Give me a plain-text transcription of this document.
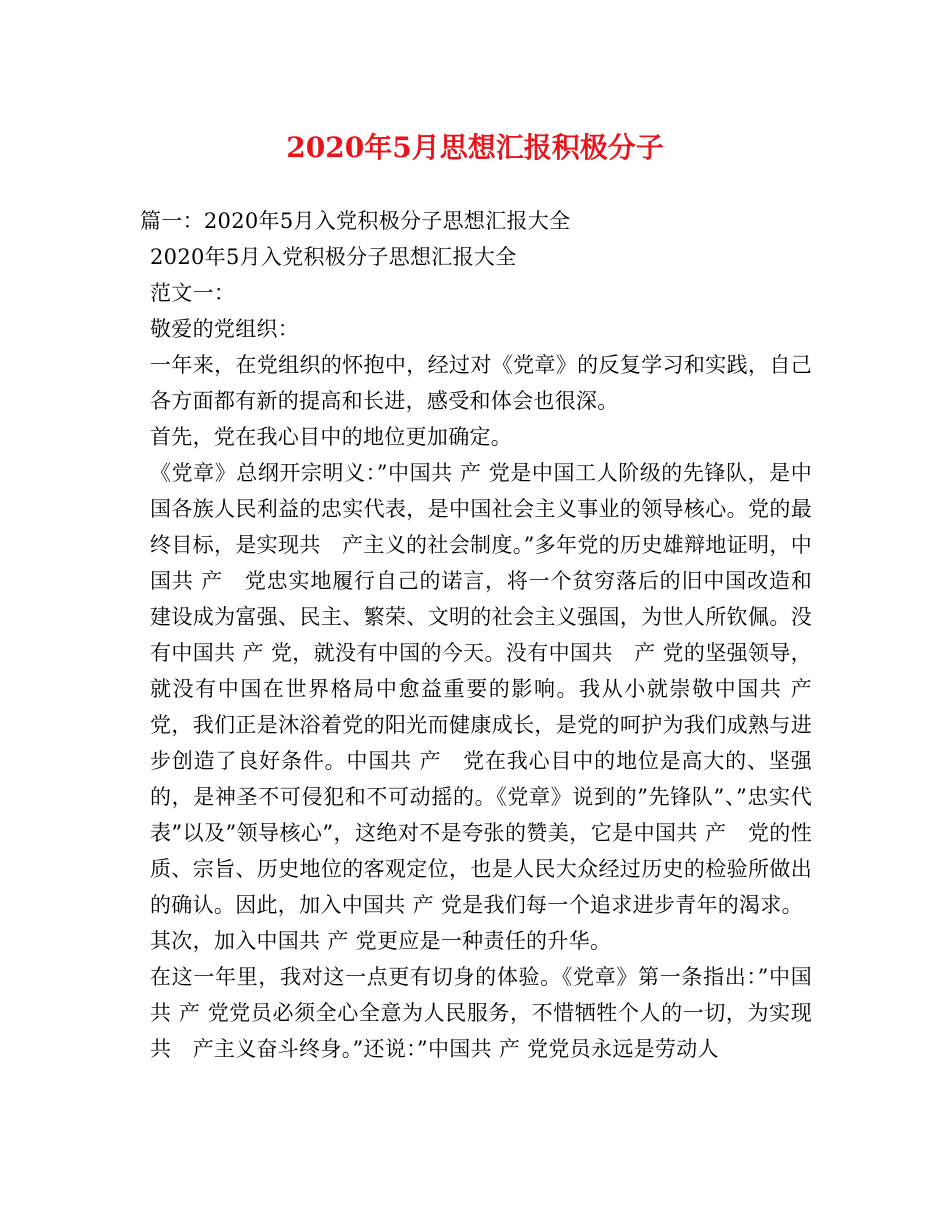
2020年5月思想汇报积极分子

篇一：2020年5月入党积极分子思想汇报大全

2020年5月入党积极分子思想汇报大全

范文一：

敬爱的党组织：

一年来，在党组织的怀抱中，经过对《党章》的反复学习和实践，自己各方面都有新的提高和长进，感受和体会也很深。

首先，党在我心目中的地位更加确定。

《党章》总纲开宗明义：”中国共 产 党是中国工人阶级的先锋队，是中国各族人民利益的忠实代表，是中国社会主义事业的领导核心。党的最终目标，是实现共　产主义的社会制度。”多年党的历史雄辩地证明，中国共 产　党忠实地履行自己的诺言，将一个贫穷落后的旧中国改造和建设成为富强、民主、繁荣、文明的社会主义强国，为世人所钦佩。没有中国共 产 党，就没有中国的今天。没有中国共　产 党的坚强领导，就没有中国在世界格局中愈益重要的影响。我从小就崇敬中国共 产　党，我们正是沐浴着党的阳光而健康成长，是党的呵护为我们成熟与进步创造了良好条件。中国共 产　党在我心目中的地位是高大的、坚强的，是神圣不可侵犯和不可动摇的。《党章》说到的”先锋队”、”忠实代表”以及”领导核心”，这绝对不是夸张的赞美，它是中国共 产　党的性质、宗旨、历史地位的客观定位，也是人民大众经过历史的检验所做出的确认。因此，加入中国共 产 党是我们每一个追求进步青年的渴求。

其次，加入中国共 产 党更应是一种责任的升华。

在这一年里，我对这一点更有切身的体验。《党章》第一条指出：”中国共 产 党党员必须全心全意为人民服务，不惜牺牲个人的一切，为实现共　产主义奋斗终身。”还说：”中国共 产 党党员永远是劳动人
